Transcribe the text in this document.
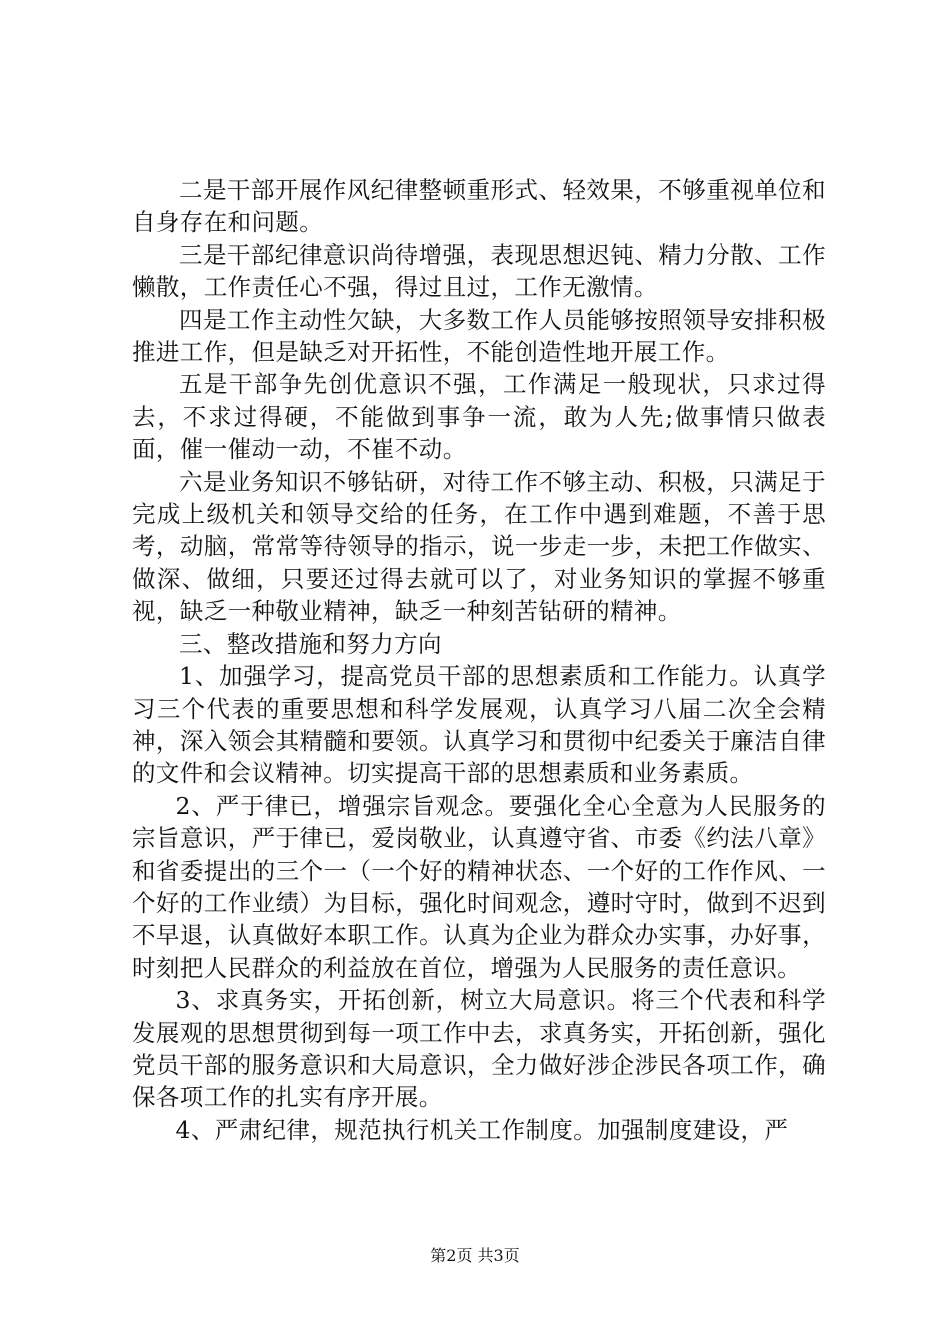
二是干部开展作风纪律整顿重形式、轻效果，不够重视单位和自身存在和问题。

三是干部纪律意识尚待增强，表现思想迟钝、精力分散、工作懒散，工作责任心不强，得过且过，工作无激情。

四是工作主动性欠缺，大多数工作人员能够按照领导安排积极推进工作，但是缺乏对开拓性，不能创造性地开展工作。

五是干部争先创优意识不强，工作满足一般现状，只求过得去，不求过得硬，不能做到事争一流，敢为人先;做事情只做表面，催一催动一动，不崔不动。

六是业务知识不够钻研，对待工作不够主动、积极，只满足于完成上级机关和领导交给的任务，在工作中遇到难题，不善于思考，动脑，常常等待领导的指示，说一步走一步，未把工作做实、做深、做细，只要还过得去就可以了，对业务知识的掌握不够重视，缺乏一种敬业精神，缺乏一种刻苦钻研的精神。

三、整改措施和努力方向

1、加强学习，提高党员干部的思想素质和工作能力。认真学习三个代表的重要思想和科学发展观，认真学习八届二次全会精神，深入领会其精髓和要领。认真学习和贯彻中纪委关于廉洁自律的文件和会议精神。切实提高干部的思想素质和业务素质。

2、严于律已，增强宗旨观念。要强化全心全意为人民服务的宗旨意识，严于律已，爱岗敬业，认真遵守省、市委《约法八章》和省委提出的三个一（一个好的精神状态、一个好的工作作风、一个好的工作业绩）为目标，强化时间观念，遵时守时，做到不迟到不早退，认真做好本职工作。认真为企业为群众办实事，办好事，时刻把人民群众的利益放在首位，增强为人民服务的责任意识。

3、求真务实，开拓创新，树立大局意识。将三个代表和科学发展观的思想贯彻到每一项工作中去，求真务实，开拓创新，强化党员干部的服务意识和大局意识，全力做好涉企涉民各项工作，确保各项工作的扎实有序开展。

4、严肃纪律，规范执行机关工作制度。加强制度建设，严

第2页 共3页
